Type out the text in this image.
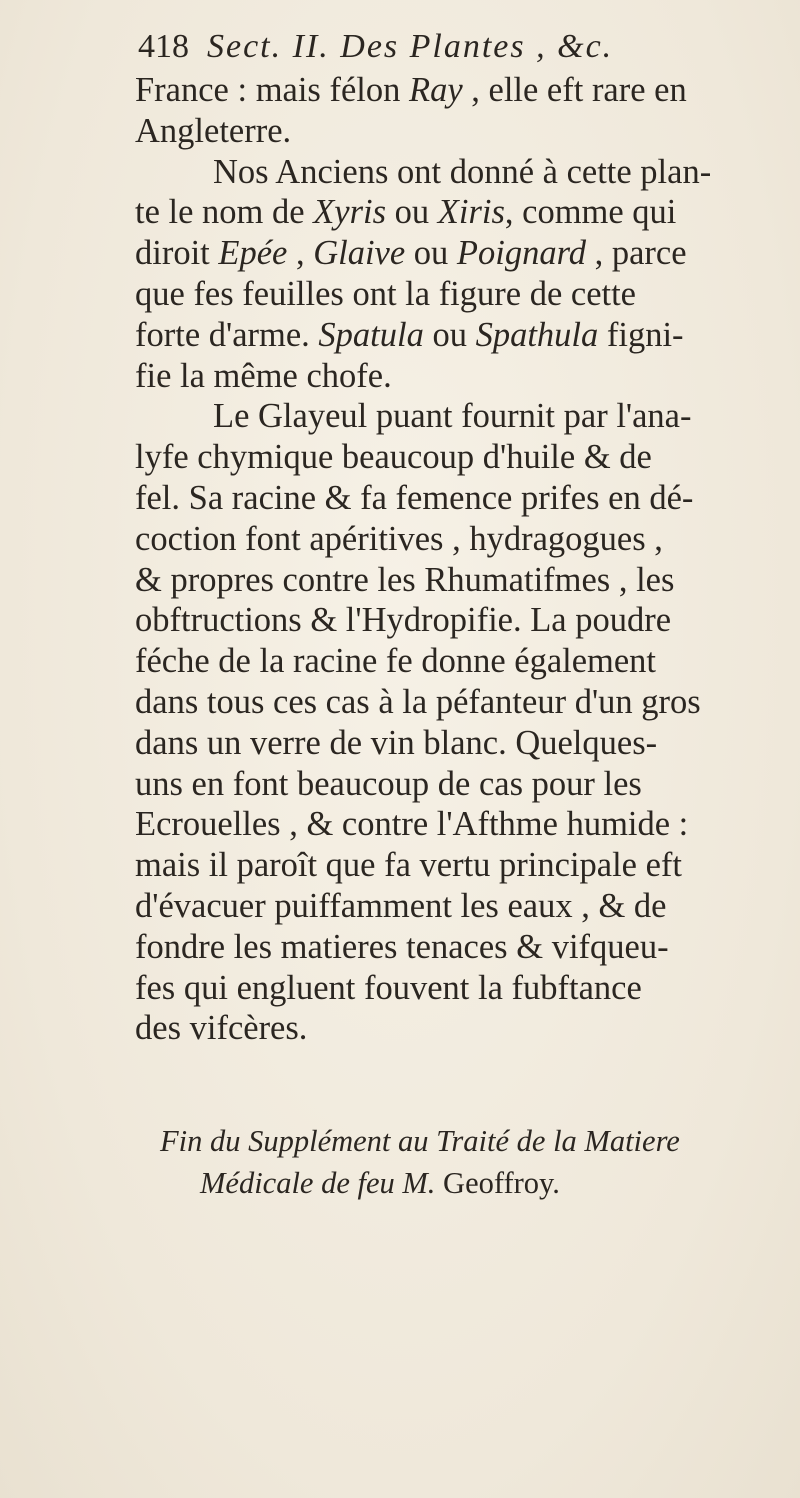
418 Sect. II. Des Plantes , &c.
France : mais félon Ray , elle eft rare en
Angleterre.
Nos Anciens ont donné à cette plan-
te le nom de Xyris ou Xiris, comme qui
diroit Epée , Glaive ou Poignard , parce
que fes feuilles ont la figure de cette
forte d'arme. Spatula ou Spathula figni-
fie la même chofe.
Le Glayeul puant fournit par l'ana-
lyfe chymique beaucoup d'huile & de
fel. Sa racine & fa femence prifes en dé-
coction font apéritives , hydragogues ,
& propres contre les Rhumatifmes , les
obftructions & l'Hydropifie. La poudre
féche de la racine fe donne également
dans tous ces cas à la péfanteur d'un gros
dans un verre de vin blanc. Quelques-
uns en font beaucoup de cas pour les
Ecrouelles , & contre l'Afthme humide :
mais il paroît que fa vertu principale eft
d'évacuer puiffamment les eaux , & de
fondre les matieres tenaces & vifqueu-
fes qui engluent fouvent la fubftance
des vifcères.
Fin du Supplément au Traité de la Matiere
Médicale de feu M. Geoffroy.
